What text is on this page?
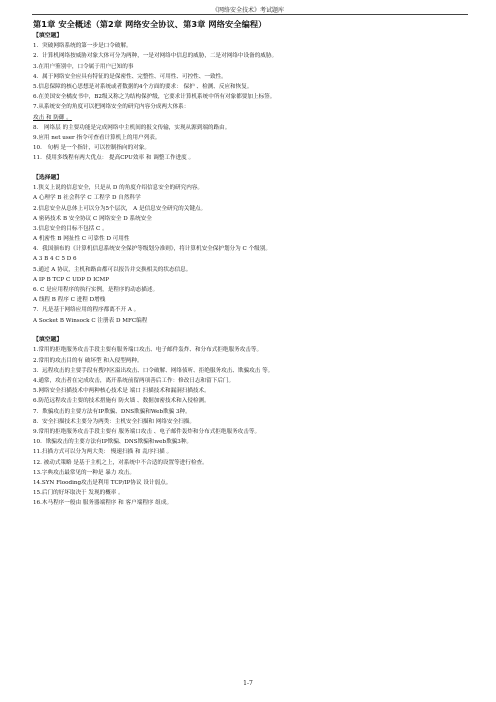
《网络安全技术》考试题库
第1章 安全概述（第2章 网络安全协议、第3章 网络安全编程）
【填空题】
1．突破网络系统的第一步是口令破解。
2．计算机网络按威胁对象大体可分为两种，一是对网络中信息的威胁，二是对网络中设备的威胁。
3.在用户鉴别中，口令属于用户已知的事
4．属于网络安全应具有特征的是保密性、完整性、可用性、可控性、一致性。
5.信息保障的核心思想是对系统或者数据的4个方面的要求： 保护 、检测、反应和恢复。
6.在美国安全橘皮书中，B2级又称之为结构保护级，它要求计算机系统中所有对象都要加上标签。
7.从系统安全的角度可以把网络安全的研究内容分成两大体系：
攻击 和 防御 。
8． 网络层 的主要功能是完成网络中主机间的报文传输，实现从源到端的路由。
9.应用 net user 指令可查看计算机上的用户列表。
10． 旬柄 是一个指针，可以控制指向的对象。
11．使用多线程有两大优点： 提高CPU效率 和 调整工作进度 。
【选择题】
1.狭义上说的信息安全，只是从 D 的角度介绍信息安全的研究内容。
A 心理学 B 社会科学 C 工程学 D 自然科学
2.信息安全从总体上可以分为5个层次， A 是信息安全研究的关键点。
A 密码技术 B 安全协议 C 网络安全 D 系统安全
3.信息安全的目标不包括 C 。
A 机密性 B 网扯性 C 可靠性 D 可用性
4．我国颁布的《计算机信息系统安全保护等级划分准则》，将计算机安全保护划分为 C 个级别。
A 3 B 4 C 5 D 6
5.通过 A 协议，主机和路由都可以报告并交换相关的状态信息。
A IP B TCP C UDP D ICMP
6. C 是应用程序的执行实例，是程序的动态描述。
A 线程 B 程序 C 进程 D增栈
7．凡是基于网络应用的程序都离不开 A 。
A Socket B Winsock C 注册表 D MFC编程
【填空题】
1.常用的拒绝服务攻击手段主要有服务端口攻击、电子邮件轰炸、和分布式拒绝服务攻击等。
2.常用的攻击目的有 破坏型 和入侵型两种。
3．远程攻击的主要手段有搜冲区溢出攻击、口令破解、网络侦听、拒绝服务攻击、欺骗攻击 等。
4.通常，攻击者在完成攻击，离开系统前留两项善后工作：修改日志和留下后门。
5.网络安全扫描技术中两种核心技术是 端口 扫描技术和漏洞扫描技术。
6.防范远程攻击主要的技术措施有 防火墙 、数据加密技术和入侵检测。
7．欺骗攻击的主要方法有IP欺骗、DNS欺骗和Web欺骗 3种。
8．安全扫描技术主要分为两类：主机安全扫描和 网络安全扫描。
9.常用的拒绝服务攻击手段主要有 服务端口攻击 、电子邮件轰炸和分布式拒绝服务攻击等。
10．欺骗攻击的主要方法有IP欺骗、DNS欺骗和web欺骗3种。
11.扫描方式可以分为两大类： 慢速扫描 和 乱序扫描 。
12. 被动式策略 是基于主机之上，对系统中不合适的设置等进行检查。
13.字典攻击最常见的一种是 暴力 攻击。
14.SYN Flooding攻击是利用 TCP/IP协议 设计弱点。
15.后门的好坏取决于 发现的概率 。
16.木马程序一般由 服务器端程序 和 客户端程序 组成。
1-7
